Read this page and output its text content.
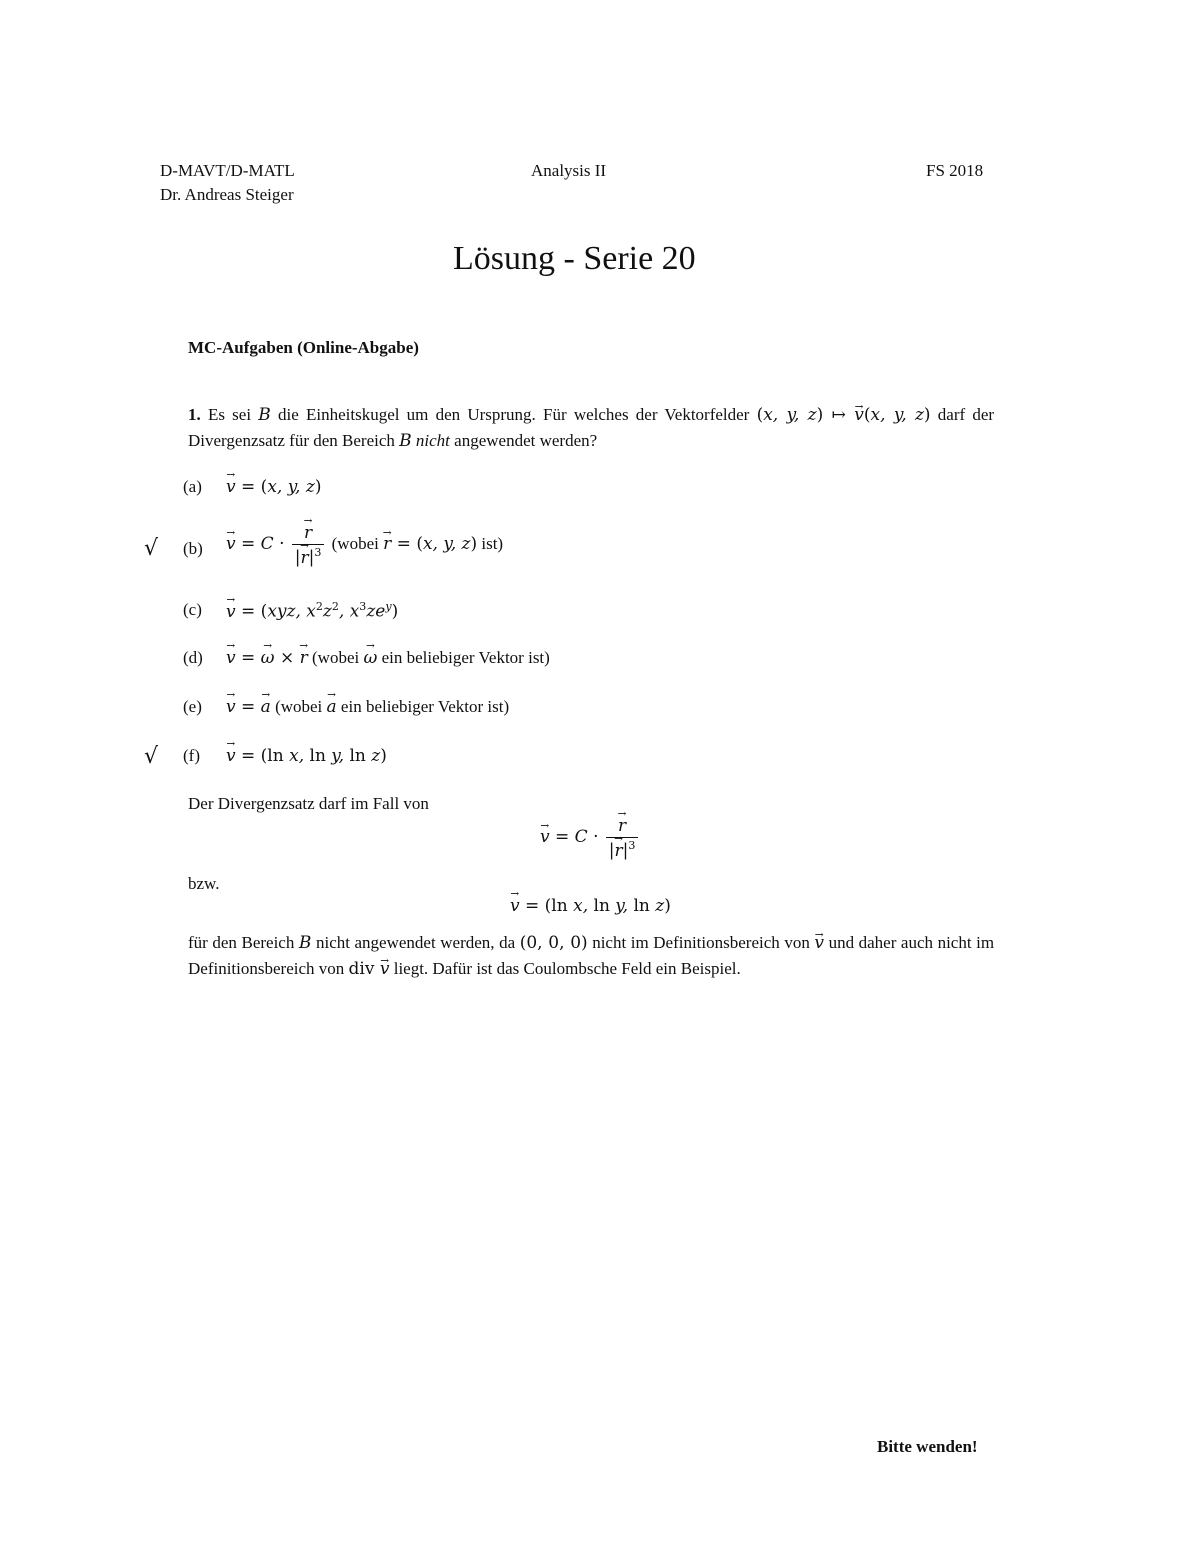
D-MAVT/D-MATL
Dr. Andreas Steiger
Analysis II	FS 2018
Lösung - Serie 20
MC-Aufgaben (Online-Abgabe)
1. Es sei B die Einheitskugel um den Ursprung. Für welches der Vektorfelder (x, y, z) ↦ → v(x, y, z) darf der Divergenzsatz für den Bereich B nicht angewendet werden?
(a) → v = (x, y, z)
√ (b) → v = C · → $\frac{r}{|\to r|^3}$ (wobei → r = (x, y, z) ist)
(c) → v = (xyz, $x^2z^2$, $x^3ze^y$)
(d) → v = → ω × → r (wobei → ω ein beliebiger Vektor ist)
(e) → v = → a (wobei → a ein beliebiger Vektor ist)
√ (f) → v = (ln x, ln y, ln z)
Der Divergenzsatz darf im Fall von
→ v = C · → $\frac{r}{|\to r|^3}$
bzw.
→ v = (ln x, ln y, ln z)
für den Bereich B nicht angewendet werden, da (0, 0, 0) nicht im Definitionsbereich von → v und daher auch nicht im Definitionsbereich von div → v liegt. Dafür ist das Coulombsche Feld ein Beispiel.
Bitte wenden!
